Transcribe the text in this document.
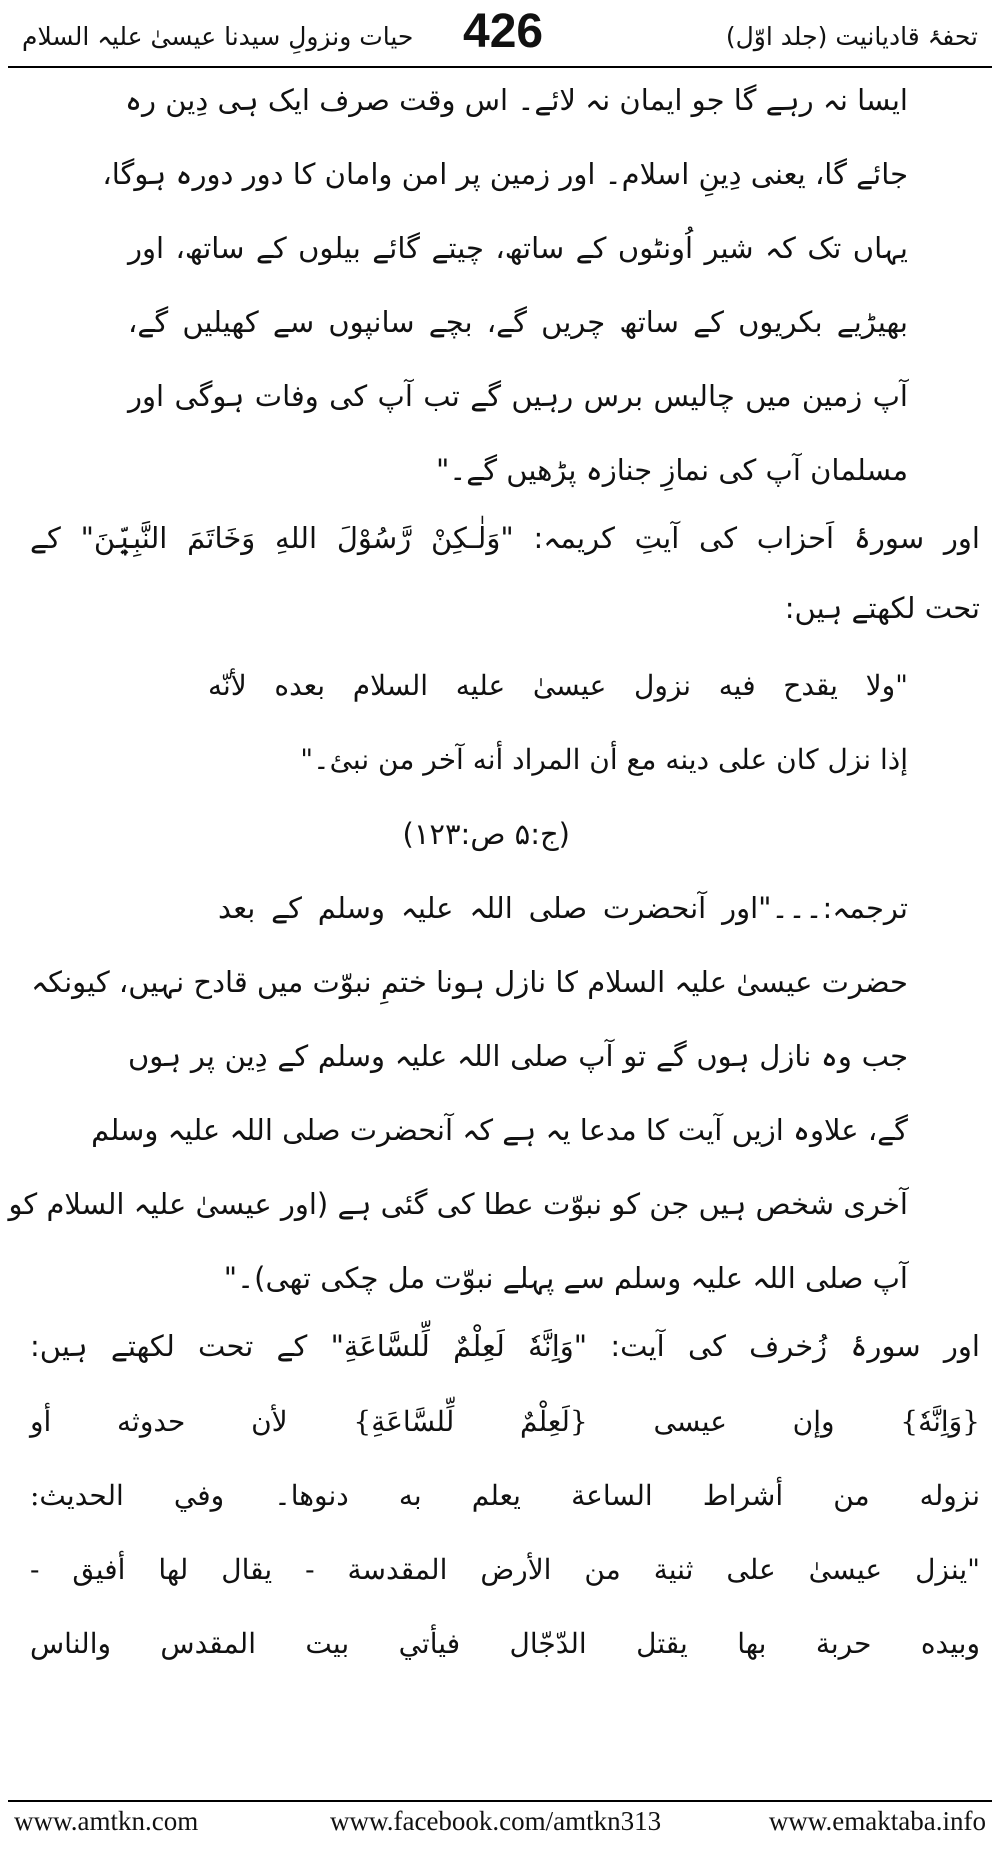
حیات ونزولِ سیدنا عیسیٰ علیہ السلام 426	تحفۂ قادیانیت (جلد اوّل)
ایسا نہ رہے گا جو ایمان نہ لائے۔ اس وقت صرف ایک ہی دِین رہ
جائے گا، یعنی دِینِ اسلام۔ اور زمین پر امن وامان کا دور دورہ ہوگا،
یہاں تک کہ شیر اُونٹوں کے ساتھ، چیتے گائے بیلوں کے ساتھ، اور
بھیڑیے بکریوں کے ساتھ چریں گے، بچے سانپوں سے کھیلیں گے،
آپ زمین میں چالیس برس رہیں گے تب آپ کی وفات ہوگی اور
مسلمان آپ کی نمازِ جنازہ پڑھیں گے۔"
اور سورۂ اَحزاب کی آیتِ کریمہ: "وَلٰـكِنْ رَّسُوْلَ اللهِ وَخَاتَمَ النَّبِيّٖنَ" کے
تحت لکھتے ہیں:
"ولا يقدح فيه نزول عيسىٰ عليه السلام بعده لأنّه
إذا نزل كان على دينه مع أن المراد أنه آخر من نبئ۔"
(ج:۵ ص:۱۲۳)
ترجمہ:۔۔۔"اور آنحضرت صلی اللہ علیہ وسلم کے بعد
حضرت عیسیٰ علیہ السلام کا نازل ہونا ختمِ نبوّت میں قادح نہیں، کیونکہ
جب وہ نازل ہوں گے تو آپ صلی اللہ علیہ وسلم کے دِین پر ہوں
گے، علاوہ ازیں آیت کا مدعا یہ ہے کہ آنحضرت صلی اللہ علیہ وسلم
آخری شخص ہیں جن کو نبوّت عطا کی گئی ہے (اور عیسیٰ علیہ السلام کو
آپ صلی اللہ علیہ وسلم سے پہلے نبوّت مل چکی تھی)۔"
اور سورۂ زُخرف کی آیت: "وَاِنَّهٗ لَعِلْمٌ لِّلسَّاعَةِ" کے تحت لکھتے ہیں:
{وَاِنَّهٗ} وإن عيسى {لَعِلْمٌ لِّلسَّاعَةِ} لأن حدوثه أو
نزوله من أشراط الساعة يعلم به دنوها۔ وفي الحديث:
"ينزل عيسىٰ على ثنية من الأرض المقدسة - يقال لها أفيق -
وبيده حربة بها يقتل الدّجّال فيأتي بيت المقدس والناس
www.amtkn.com	www.facebook.com/amtkn313	www.emaktaba.info
